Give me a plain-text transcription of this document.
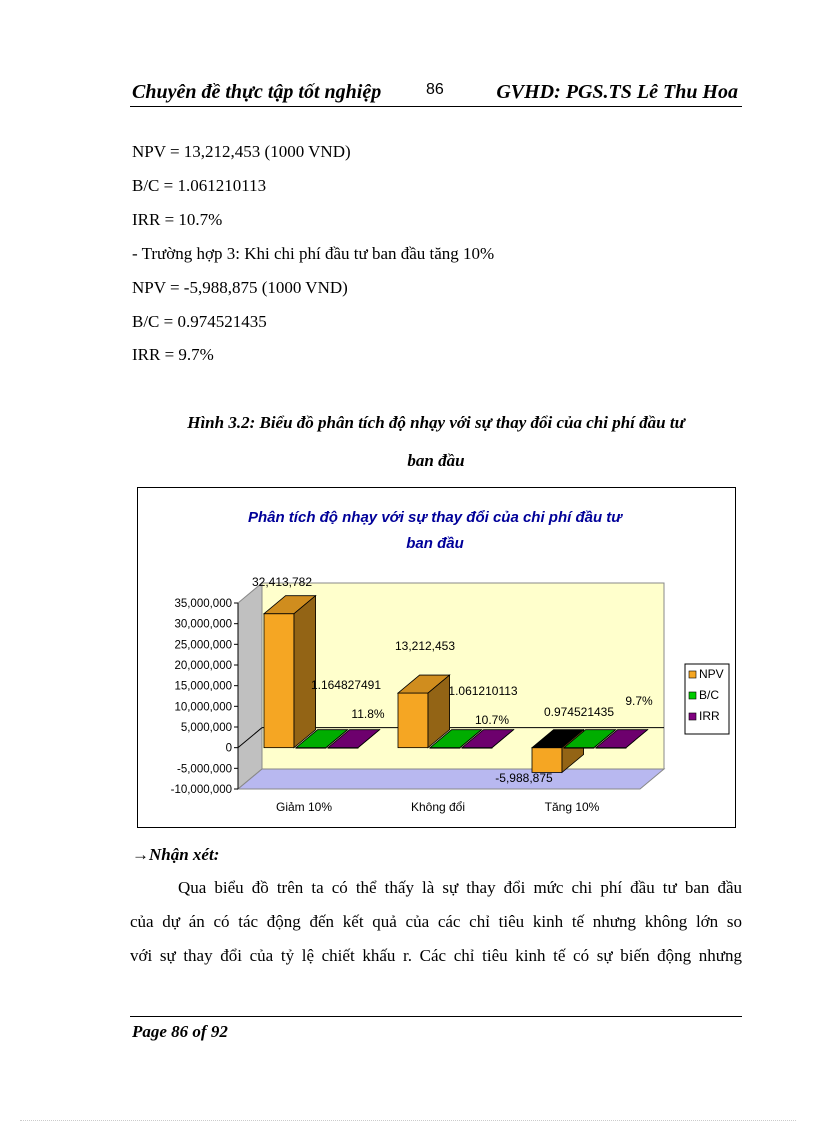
Chuyên đề thực tập tốt nghiệp	86	GVHD: PGS.TS Lê Thu Hoa
NPV = 13,212,453 (1000 VND)
B/C = 1.061210113
IRR = 10.7%
- Trường hợp 3: Khi chi phí đầu tư ban đầu tăng 10%
NPV = -5,988,875 (1000 VND)
B/C = 0.974521435
IRR = 9.7%
Hình 3.2: Biểu đồ phân tích độ nhạy với sự thay đổi của chi phí đầu tư
ban đầu
Phân tích độ nhạy với sự thay đổi của chi phí đầu tư
ban đầu
35,000,000
30,000,000
25,000,000
20,000,000
15,000,000
10,000,000
5,000,000
0
-5,000,000
-10,000,000
Giảm 10%	Không đổi	Tăng 10%
32,413,782
13,212,453
-5,988,875
1.164827491	1.061210113
0.974521435
11.8%	10.7%
9.7%
NPV
B/C
IRR
→Nhận xét:
Qua biểu đồ trên ta có thể thấy là sự thay đổi mức chi phí đầu tư ban đầu
của dự án có tác động đến kết quả của các chỉ tiêu kinh tế nhưng không lớn so
với sự thay đổi của tỷ lệ chiết khấu r. Các chỉ tiêu kinh tế có sự biến động nhưng
Page 86 of 92
